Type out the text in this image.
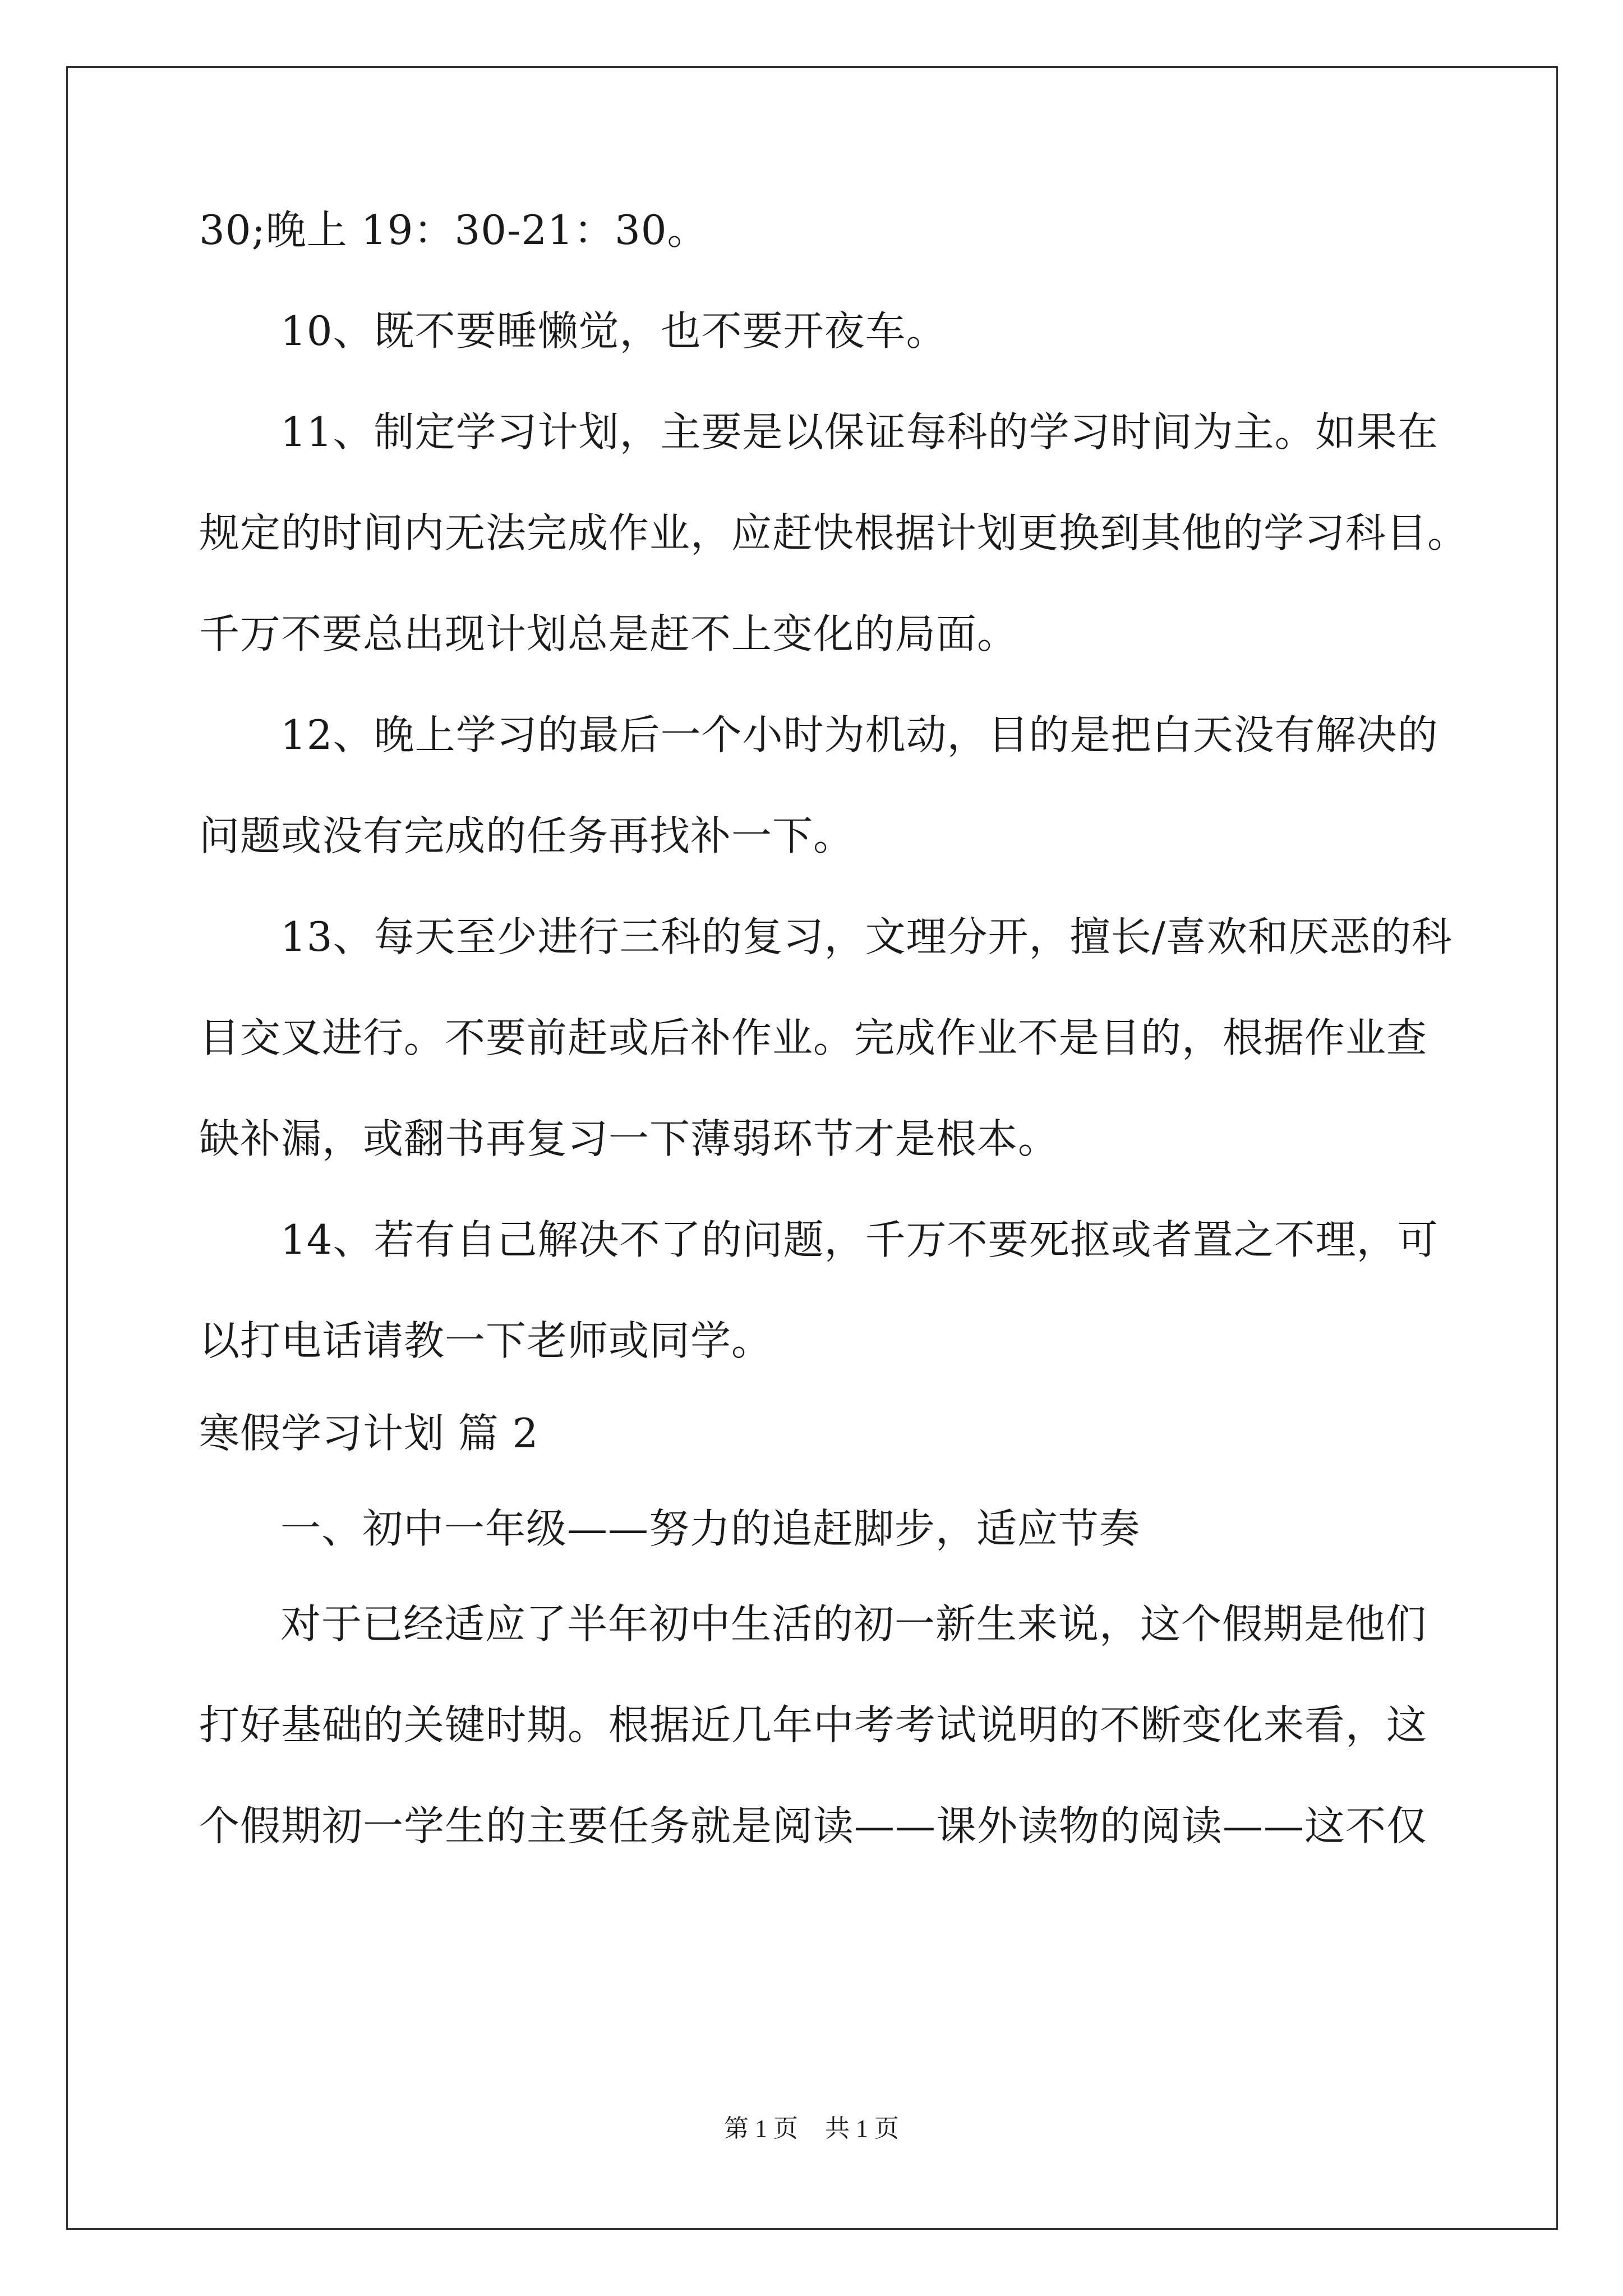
30;晚上 19：30-21：30。
10、既不要睡懒觉，也不要开夜车。
11、制定学习计划，主要是以保证每科的学习时间为主。如果在
规定的时间内无法完成作业，应赶快根据计划更换到其他的学习科目。
千万不要总出现计划总是赶不上变化的局面。
12、晚上学习的最后一个小时为机动，目的是把白天没有解决的
问题或没有完成的任务再找补一下。
13、每天至少进行三科的复习，文理分开，擅长/喜欢和厌恶的科
目交叉进行。不要前赶或后补作业。完成作业不是目的，根据作业查
缺补漏，或翻书再复习一下薄弱环节才是根本。
14、若有自己解决不了的问题，千万不要死抠或者置之不理，可
以打电话请教一下老师或同学。
寒假学习计划 篇 2
一、初中一年级——努力的追赶脚步，适应节奏
对于已经适应了半年初中生活的初一新生来说，这个假期是他们
打好基础的关键时期。根据近几年中考考试说明的不断变化来看，这
个假期初一学生的主要任务就是阅读——课外读物的阅读——这不仅
第 1 页 共 1 页
